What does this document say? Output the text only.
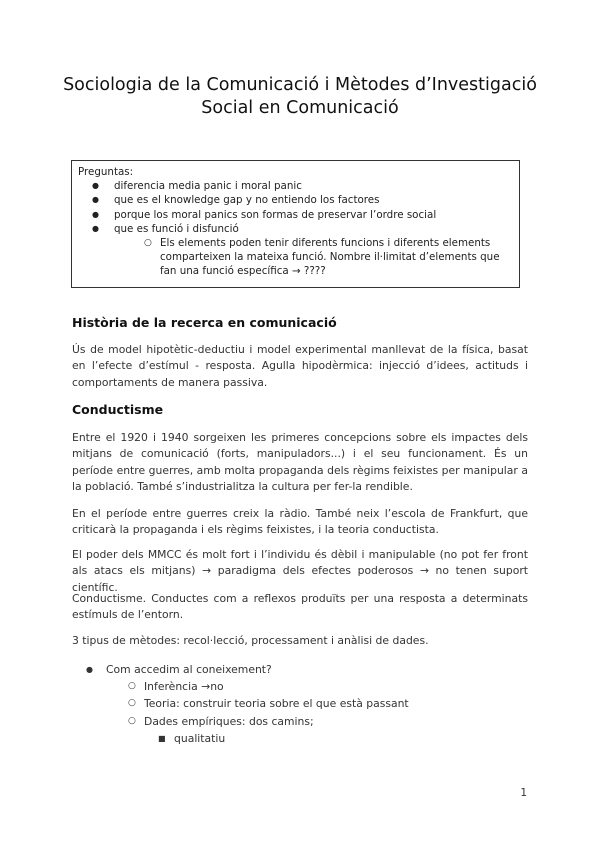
Sociologia de la Comunicació i Mètodes d’Investigació
Social en Comunicació

Preguntas:

● diferencia media panic i moral panic
● que es el knowledge gap y no entiendo los factores
● porque los moral panics son formas de preservar l’ordre social
● que es funció i disfunció
○ Els elements poden tenir diferents funcions i diferents elements comparteixen la mateixa funció. Nombre il·limitat d’elements que fan una funció específica → ????
Història de la recerca en comunicació

Ús de model hipotètic-deductiu i model experimental manllevat de la física, basat en l’efecte d’estímul - resposta. Agulla hipodèrmica: injecció d’idees, actituds i comportaments de manera passiva.

Conductisme

Entre el 1920 i 1940 sorgeixen les primeres concepcions sobre els impactes dels mitjans de comunicació (forts, manipuladors...) i el seu funcionament. És un període entre guerres, amb molta propaganda dels règims feixistes per manipular a la població. També s’industrialitza la cultura per fer-la rendible.

En el període entre guerres creix la ràdio. També neix l’escola de Frankfurt, que criticarà la propaganda i els règims feixistes, i la teoria conductista.

El poder dels MMCC és molt fort i l’individu és dèbil i manipulable (no pot fer front als atacs els mitjans) → paradigma dels efectes poderosos → no tenen suport científic.

Conductisme. Conductes com a reflexos produïts per una resposta a determinats estímuls de l’entorn.

3 tipus de mètodes: recol·lecció, processament i anàlisi de dades.

● Com accedim al coneixement?
○ Inferència →no
○ Teoria: construir teoria sobre el que està passant
○ Dades empíriques: dos camins;
■ qualitatiu
1
